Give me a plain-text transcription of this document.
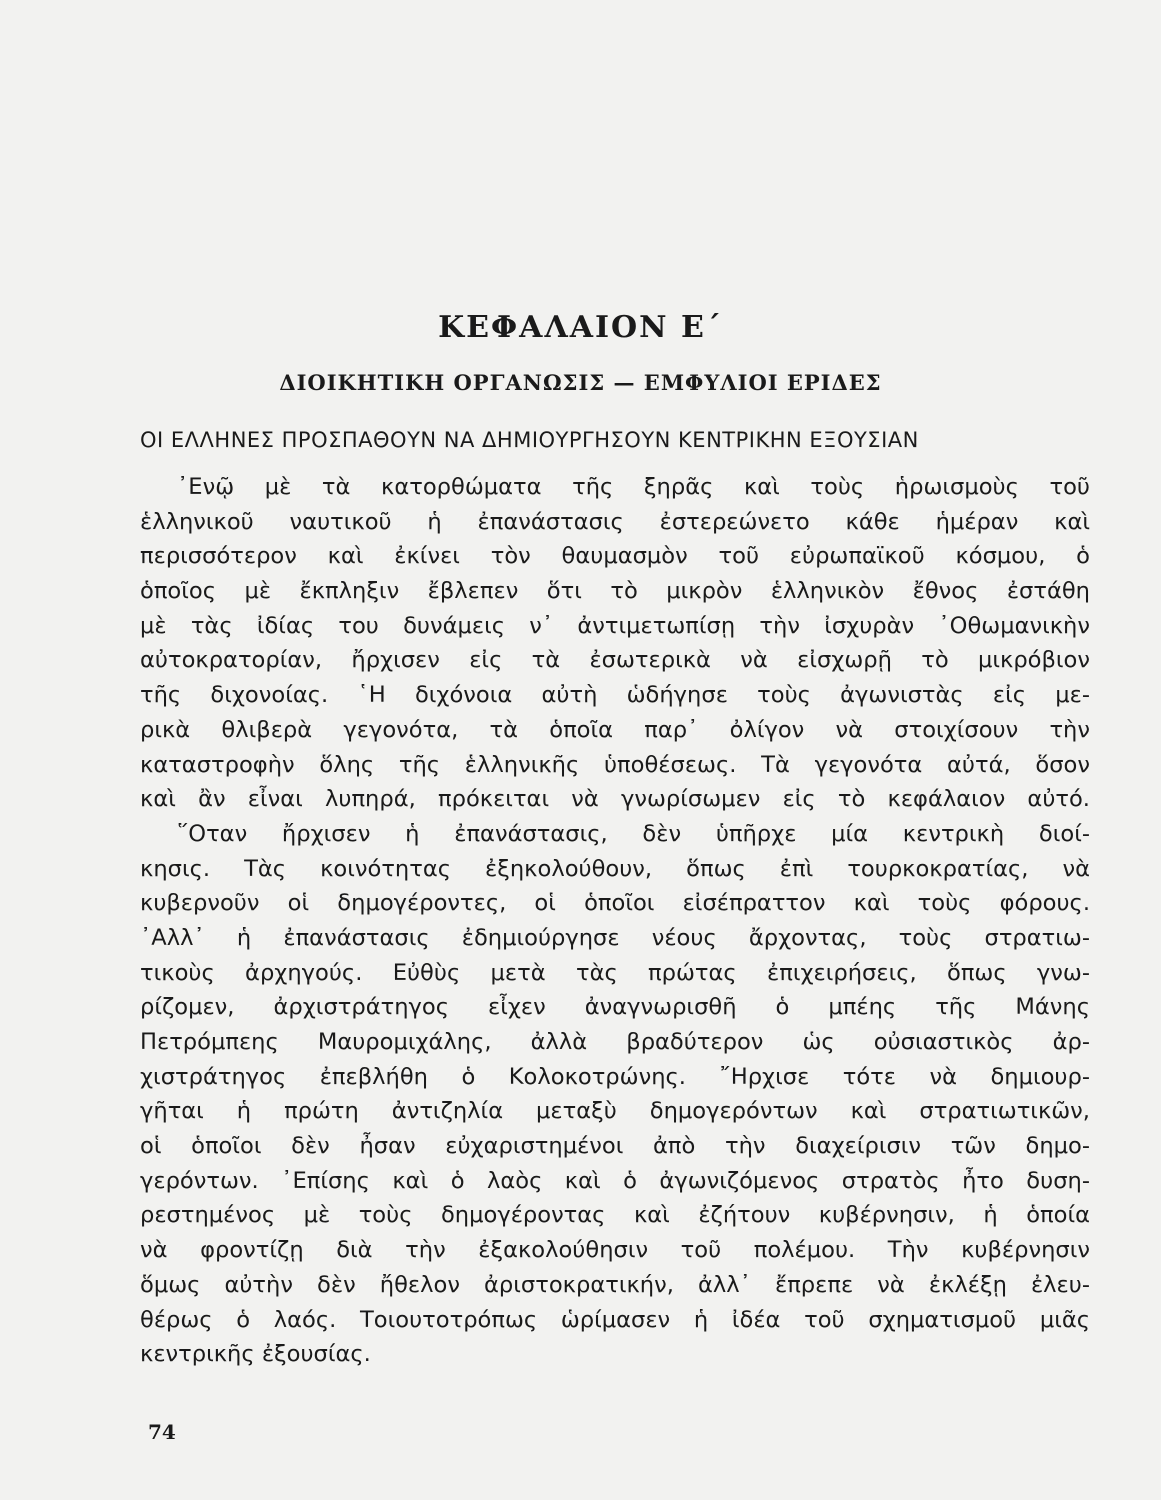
ΚΕΦΑΛΑΙΟΝ Ε΄
ΔΙΟΙΚΗΤΙΚΗ ΟΡΓΑΝΩΣΙΣ — ΕΜΦΥΛΙΟΙ ΕΡΙΔΕΣ
ΟΙ ΕΛΛΗΝΕΣ ΠΡΟΣΠΑΘΟΥΝ ΝΑ ΔΗΜΙΟΥΡΓΗΣΟΥΝ ΚΕΝΤΡΙΚΗΝ ΕΞΟΥΣΙΑΝ
᾿Ενῷ μὲ τὰ κατορθώματα τῆς ξηρᾶς καὶ τοὺς ἡρωισμοὺς τοῦ
ἑλληνικοῦ ναυτικοῦ ἡ ἐπανάστασις ἐστερεώνετο κάθε ἡμέραν καὶ
περισσότερον καὶ ἐκίνει τὸν θαυμασμὸν τοῦ εὐρωπαϊκοῦ κόσμου, ὁ
ὁποῖος μὲ ἔκπληξιν ἔβλεπεν ὅτι τὸ μικρὸν ἑλληνικὸν ἔθνος ἐστάθη
μὲ τὰς ἰδίας του δυνάμεις ν᾿ ἀντιμετωπίσῃ τὴν ἰσχυρὰν ᾿Οθωμανικὴν
αὐτοκρατορίαν, ἤρχισεν εἰς τὰ ἐσωτερικὰ νὰ εἰσχωρῇ τὸ μικρόβιον
τῆς διχονοίας. ῾Η διχόνοια αὐτὴ ὡδήγησε τοὺς ἀγωνιστὰς εἰς με-
ρικὰ θλιβερὰ γεγονότα, τὰ ὁποῖα παρ᾿ ὀλίγον νὰ στοιχίσουν τὴν
καταστροφὴν ὅλης τῆς ἑλληνικῆς ὑποθέσεως. Τὰ γεγονότα αὐτά, ὅσον
καὶ ἂν εἶναι λυπηρά, πρόκειται νὰ γνωρίσωμεν εἰς τὸ κεφάλαιον αὐτό.
῞Οταν ἤρχισεν ἡ ἐπανάστασις, δὲν ὑπῆρχε μία κεντρικὴ διοί-
κησις. Τὰς κοινότητας ἐξηκολούθουν, ὅπως ἐπὶ τουρκοκρατίας, νὰ
κυβερνοῦν οἱ δημογέροντες, οἱ ὁποῖοι εἰσέπραττον καὶ τοὺς φόρους.
᾿Αλλ᾿ ἡ ἐπανάστασις ἐδημιούργησε νέους ἄρχοντας, τοὺς στρατιω-
τικοὺς ἀρχηγούς. Εὐθὺς μετὰ τὰς πρώτας ἐπιχειρήσεις, ὅπως γνω-
ρίζομεν, ἀρχιστράτηγος εἶχεν ἀναγνωρισθῆ ὁ μπέης τῆς Μάνης
Πετρόμπεης Μαυρομιχάλης, ἀλλὰ βραδύτερον ὡς οὐσιαστικὸς ἀρ-
χιστράτηγος ἐπεβλήθη ὁ Κολοκοτρώνης. ῎Ηρχισε τότε νὰ δημιουρ-
γῆται ἡ πρώτη ἀντιζηλία μεταξὺ δημογερόντων καὶ στρατιωτικῶν,
οἱ ὁποῖοι δὲν ἦσαν εὐχαριστημένοι ἀπὸ τὴν διαχείρισιν τῶν δημο-
γερόντων. ᾿Επίσης καὶ ὁ λαὸς καὶ ὁ ἀγωνιζόμενος στρατὸς ἦτο δυση-
ρεστημένος μὲ τοὺς δημογέροντας καὶ ἐζήτουν κυβέρνησιν, ἡ ὁποία
νὰ φροντίζῃ διὰ τὴν ἐξακολούθησιν τοῦ πολέμου. Τὴν κυβέρνησιν
ὅμως αὐτὴν δὲν ἤθελον ἀριστοκρατικήν, ἀλλ᾿ ἔπρεπε νὰ ἐκλέξῃ ἐλευ-
θέρως ὁ λαός. Τοιουτοτρόπως ὡρίμασεν ἡ ἰδέα τοῦ σχηματισμοῦ μιᾶς
κεντρικῆς ἐξουσίας.
74
